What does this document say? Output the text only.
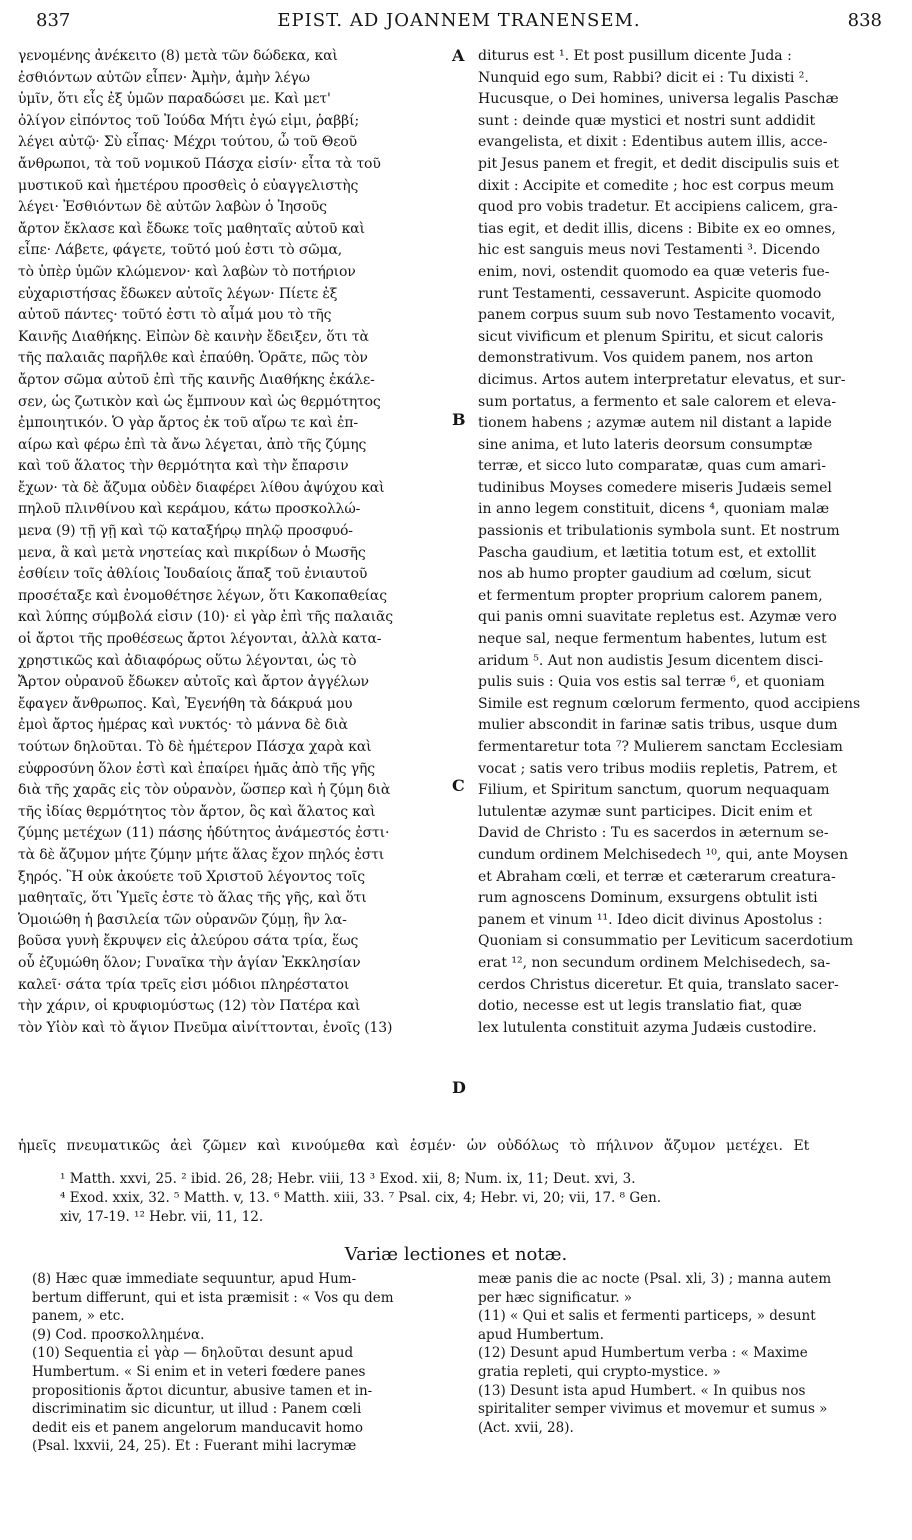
837	EPIST. AD JOANNEM TRANENSEM.	838
γενομένης ἀνέκειτο (8) μετὰ τῶν δώδεκα, καὶ
ἐσθιόντων αὐτῶν εἶπεν· Ἀμὴν, ἀμὴν λέγω
ὑμῖν, ὅτι εἷς ἐξ ὑμῶν παραδώσει με. Καὶ μετ'
ὀλίγον εἰπόντος τοῦ Ἰούδα Μήτι ἐγώ εἰμι, ῥαββί;
λέγει αὐτῷ· Σὺ εἶπας· Μέχρι τούτου, ὦ τοῦ Θεοῦ
ἄνθρωποι, τὰ τοῦ νομικοῦ Πάσχα εἰσίν· εἶτα τὰ τοῦ
μυστικοῦ καὶ ἡμετέρου προσθεὶς ὁ εὐαγγελιστὴς
λέγει· Ἐσθιόντων δὲ αὐτῶν λαβὼν ὁ Ἰησοῦς
ἄρτον ἔκλασε καὶ ἔδωκε τοῖς μαθηταῖς αὐτοῦ καὶ
εἶπε· Λάβετε, φάγετε, τοῦτό μού ἐστι τὸ σῶμα,
τὸ ὑπὲρ ὑμῶν κλώμενον· καὶ λαβὼν τὸ ποτήριον
εὐχαριστήσας ἔδωκεν αὐτοῖς λέγων· Πίετε ἐξ
αὐτοῦ πάντες· τοῦτό ἐστι τὸ αἷμά μου τὸ τῆς
Καινῆς Διαθήκης. Εἰπὼν δὲ καινὴν ἔδειξεν, ὅτι τὰ
τῆς παλαιᾶς παρῆλθε καὶ ἐπαύθη. Ὁρᾶτε, πῶς τὸν
ἄρτον σῶμα αὐτοῦ ἐπὶ τῆς καινῆς Διαθήκης ἐκάλε-
σεν, ὡς ζωτικὸν καὶ ὡς ἔμπνουν καὶ ὡς θερμότητος
ἐμποιητικόν. Ὁ γὰρ ἄρτος ἐκ τοῦ αἴρω τε καὶ ἐπ-
αίρω καὶ φέρω ἐπὶ τὰ ἄνω λέγεται, ἀπὸ τῆς ζύμης
καὶ τοῦ ἅλατος τὴν θερμότητα καὶ τὴν ἔπαρσιν
ἔχων· τὰ δὲ ἄζυμα οὐδὲν διαφέρει λίθου ἀψύχου καὶ
πηλοῦ πλινθίνου καὶ κεράμου, κάτω προσκολλώ-
μενα (9) τῇ γῇ καὶ τῷ καταξήρῳ πηλῷ προσφυό-
μενα, ἃ καὶ μετὰ νηστείας καὶ πικρίδων ὁ Μωσῆς
ἐσθίειν τοῖς ἀθλίοις Ἰουδαίοις ἅπαξ τοῦ ἐνιαυτοῦ
προσέταξε καὶ ἐνομοθέτησε λέγων, ὅτι Κακοπαθείας
καὶ λύπης σύμβολά εἰσιν (10)· εἰ γὰρ ἐπὶ τῆς παλαιᾶς
οἱ ἄρτοι τῆς προθέσεως ἄρτοι λέγονται, ἀλλὰ κατα-
χρηστικῶς καὶ ἀδιαφόρως οὕτω λέγονται, ὡς τὸ
Ἄρτον οὐρανοῦ ἔδωκεν αὐτοῖς καὶ ἄρτον ἀγγέλων
ἔφαγεν ἄνθρωπος. Καὶ, Ἐγενήθη τὰ δάκρυά μου
ἐμοὶ ἄρτος ἡμέρας καὶ νυκτός· τὸ μάννα δὲ διὰ
τούτων δηλοῦται. Τὸ δὲ ἡμέτερον Πάσχα χαρὰ καὶ
εὐφροσύνη ὅλον ἐστὶ καὶ ἐπαίρει ἡμᾶς ἀπὸ τῆς γῆς
διὰ τῆς χαρᾶς εἰς τὸν οὐρανὸν, ὥσπερ καὶ ἡ ζύμη διὰ
τῆς ἰδίας θερμότητος τὸν ἄρτον, ὃς καὶ ἅλατος καὶ
ζύμης μετέχων (11) πάσης ἡδύτητος ἀνάμεστός ἐστι·
τὰ δὲ ἄζυμον μήτε ζύμην μήτε ἅλας ἔχον πηλός ἐστι
ξηρός. Ἢ οὐκ ἀκούετε τοῦ Χριστοῦ λέγοντος τοῖς
μαθηταῖς, ὅτι Ὑμεῖς ἐστε τὸ ἅλας τῆς γῆς, καὶ ὅτι
Ὁμοιώθη ἡ βασιλεία τῶν οὐρανῶν ζύμῃ, ἣν λα-
βοῦσα γυνὴ ἔκρυψεν εἰς ἀλεύρου σάτα τρία, ἕως
οὗ ἐζυμώθη ὅλον; Γυναῖκα τὴν ἁγίαν Ἐκκλησίαν
καλεῖ· σάτα τρία τρεῖς εἰσι μόδιοι πληρέστατοι
τὴν χάριν, οἱ κρυφιομύστως (12) τὸν Πατέρα καὶ
τὸν Υἱὸν καὶ τὸ ἅγιον Πνεῦμα αἰνίττονται, ἐνοῖς (13)
diturus est ¹. Et post pusillum dicente Juda :
Nunquid ego sum, Rabbi? dicit ei : Tu dixisti ².
Hucusque, o Dei homines, universa legalis Paschæ
sunt : deinde quæ mystici et nostri sunt addidit
evangelista, et dixit : Edentibus autem illis, acce-
pit Jesus panem et fregit, et dedit discipulis suis et
dixit : Accipite et comedite ; hoc est corpus meum
quod pro vobis tradetur. Et accipiens calicem, gra-
tias egit, et dedit illis, dicens : Bibite ex eo omnes,
hic est sanguis meus novi Testamenti ³. Dicendo
enim, novi, ostendit quomodo ea quæ veteris fue-
runt Testamenti, cessaverunt. Aspicite quomodo
panem corpus suum sub novo Testamento vocavit,
sicut vivificum et plenum Spiritu, et sicut caloris
demonstrativum. Vos quidem panem, nos arton
dicimus. Artos autem interpretatur elevatus, et sur-
sum portatus, a fermento et sale calorem et eleva-
tionem habens ; azymæ autem nil distant a lapide
sine anima, et luto lateris deorsum consumptæ
terræ, et sicco luto comparatæ, quas cum amari-
tudinibus Moyses comedere miseris Judæis semel
in anno legem constituit, dicens ⁴, quoniam malæ
passionis et tribulationis symbola sunt. Et nostrum
Pascha gaudium, et lætitia totum est, et extollit
nos ab humo propter gaudium ad cœlum, sicut
et fermentum propter proprium calorem panem,
qui panis omni suavitate repletus est. Azymæ vero
neque sal, neque fermentum habentes, lutum est
aridum ⁵. Aut non audistis Jesum dicentem disci-
pulis suis : Quia vos estis sal terræ ⁶, et quoniam
Simile est regnum cœlorum fermento, quod accipiens
mulier abscondit in farinæ satis tribus, usque dum
fermentaretur tota ⁷? Mulierem sanctam Ecclesiam
vocat ; satis vero tribus modiis repletis, Patrem, et
Filium, et Spiritum sanctum, quorum nequaquam
lutulentæ azymæ sunt participes. Dicit enim et
David de Christo : Tu es sacerdos in æternum se-
cundum ordinem Melchisedech ¹⁰, qui, ante Moysen
et Abraham cœli, et terræ et cæterarum creatura-
rum agnoscens Dominum, exsurgens obtulit isti
panem et vinum ¹¹. Ideo dicit divinus Apostolus :
Quoniam si consummatio per Leviticum sacerdotium
erat ¹², non secundum ordinem Melchisedech, sa-
cerdos Christus diceretur. Et quia, translato sacer-
dotio, necesse est ut legis translatio fiat, quæ
lex lutulenta constituit azyma Judæis custodire.
A
B
C
D
ἡμεῖς πνευματικῶς ἀεὶ ζῶμεν καὶ κινούμεθα καὶ ἐσμέν· ὧν οὐδόλως τὸ πήλινον ἄζυμον μετέχει. Et
¹ Matth. xxvi, 25. ² ibid. 26, 28; Hebr. viii, 13 ³ Exod. xii, 8; Num. ix, 11; Deut. xvi, 3.
⁴ Exod. xxix, 32. ⁵ Matth. v, 13. ⁶ Matth. xiii, 33. ⁷ Psal. cix, 4; Hebr. vi, 20; vii, 17. ⁸ Gen.
xiv, 17-19. ¹² Hebr. vii, 11, 12.
Variæ lectiones et notæ.
(8) Hæc quæ immediate sequuntur, apud Hum-
bertum differunt, qui et ista præmisit : « Vos qu dem
panem, » etc.
(9) Cod. προσκολλημένα.
(10) Sequentia εἰ γὰρ — δηλοῦται desunt apud
Humbertum. « Si enim et in veteri fœdere panes
propositionis ἄρτοι dicuntur, abusive tamen et in-
discriminatim sic dicuntur, ut illud : Panem cœli
dedit eis et panem angelorum manducavit homo
(Psal. lxxvii, 24, 25). Et : Fuerant mihi lacrymæ
meæ panis die ac nocte (Psal. xli, 3) ; manna autem
per hæc significatur. »
(11) « Qui et salis et fermenti particeps, » desunt
apud Humbertum.
(12) Desunt apud Humbertum verba : « Maxime
gratia repleti, qui crypto-mystice. »
(13) Desunt ista apud Humbert. « In quibus nos
spiritaliter semper vivimus et movemur et sumus »
(Act. xvii, 28).
